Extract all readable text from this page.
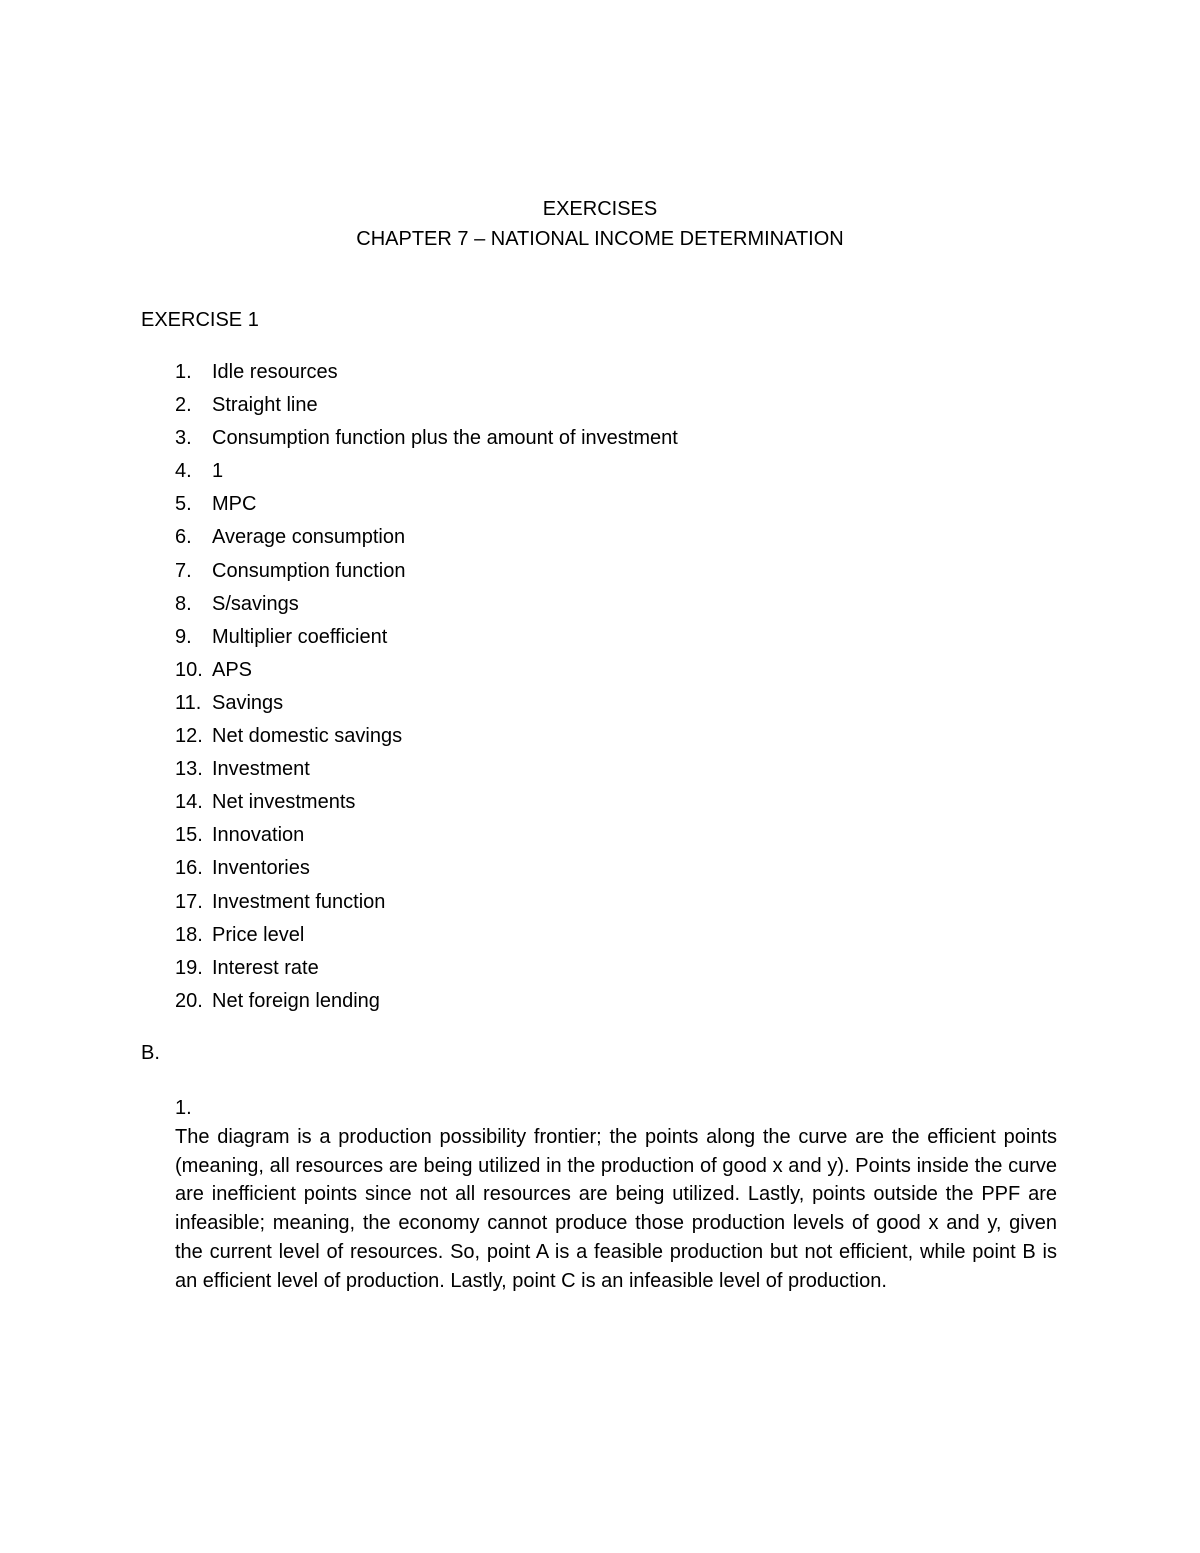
EXERCISES
CHAPTER 7 – NATIONAL INCOME DETERMINATION
EXERCISE 1
1.	Idle resources
2.	Straight line
3.	Consumption function plus the amount of investment
4.	1
5.	MPC
6.	Average consumption
7.	Consumption function
8.	S/savings
9.	Multiplier coefficient
10. APS
11. Savings
12. Net domestic savings
13. Investment
14. Net investments
15. Innovation
16. Inventories
17. Investment function
18. Price level
19. Interest rate
20. Net foreign lending
B.
1.

The diagram is a production possibility frontier; the points along the curve are the efficient points (meaning, all resources are being utilized in the production of good x and y). Points inside the curve are inefficient points since not all resources are being utilized. Lastly, points outside the PPF are infeasible; meaning, the economy cannot produce those production levels of good x and y, given the current level of resources. So, point A is a feasible production but not efficient, while point B is an efficient level of production. Lastly, point C is an infeasible level of production.
